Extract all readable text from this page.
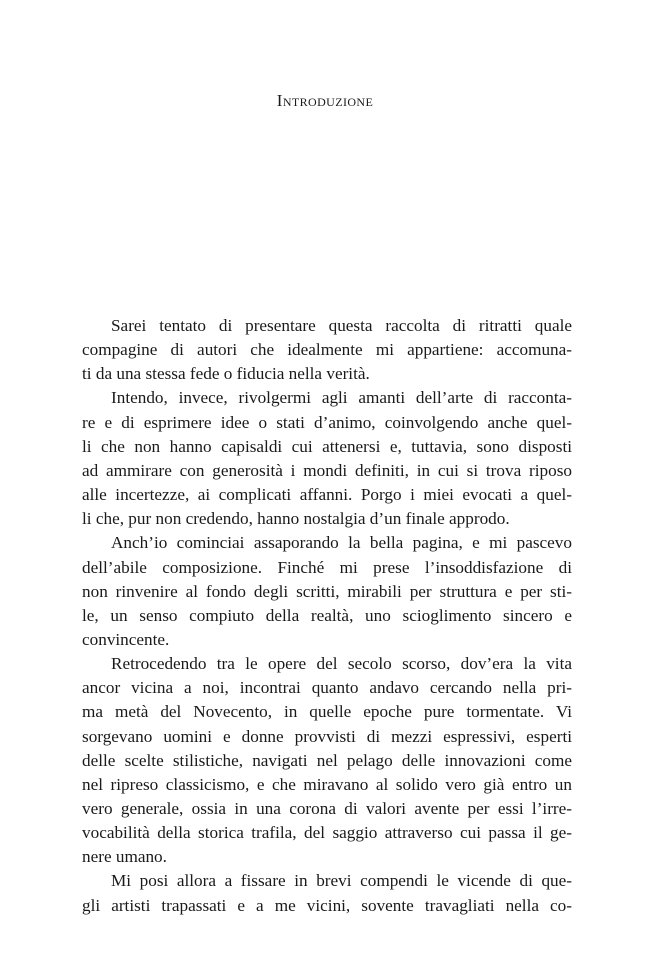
Introduzione
Sarei tentato di presentare questa raccolta di ritratti quale
compagine di autori che idealmente mi appartiene: accomuna-
ti da una stessa fede o fiducia nella verità.
Intendo, invece, rivolgermi agli amanti dell’arte di racconta-
re e di esprimere idee o stati d’animo, coinvolgendo anche quel-
li che non hanno capisaldi cui attenersi e, tuttavia, sono disposti
ad ammirare con generosità i mondi definiti, in cui si trova riposo
alle incertezze, ai complicati affanni. Porgo i miei evocati a quel-
li che, pur non credendo, hanno nostalgia d’un finale approdo.
Anch’io cominciai assaporando la bella pagina, e mi pascevo
dell’abile composizione. Finché mi prese l’insoddisfazione di
non rinvenire al fondo degli scritti, mirabili per struttura e per sti-
le, un senso compiuto della realtà, uno scioglimento sincero e
convincente.
Retrocedendo tra le opere del secolo scorso, dov’era la vita
ancor vicina a noi, incontrai quanto andavo cercando nella pri-
ma metà del Novecento, in quelle epoche pure tormentate. Vi
sorgevano uomini e donne provvisti di mezzi espressivi, esperti
delle scelte stilistiche, navigati nel pelago delle innovazioni come
nel ripreso classicismo, e che miravano al solido vero già entro un
vero generale, ossia in una corona di valori avente per essi l’irre-
vocabilità della storica trafila, del saggio attraverso cui passa il ge-
nere umano.
Mi posi allora a fissare in brevi compendi le vicende di que-
gli artisti trapassati e a me vicini, sovente travagliati nella co-
